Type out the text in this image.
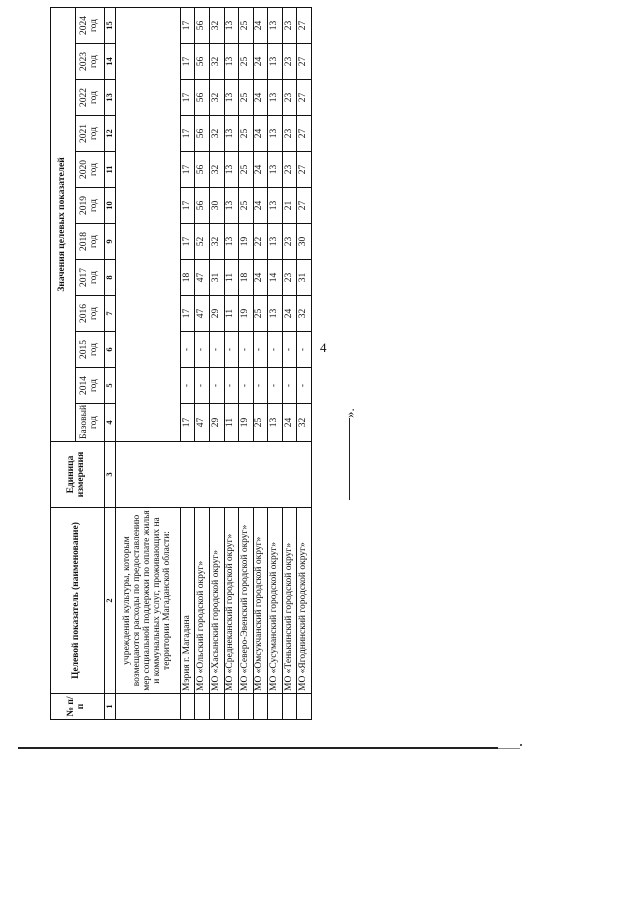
4
№ п/п	Целевой показатель (наименование)	Единица измерения	Значения целевых показателей											
			Базовый год	2014 год	2015 год	2016 год	2017 год	2018 год	2019 год	2020 год	2021 год	2022 год	2023 год	2024 год
1	2	3	4	5	6	7	8	9	10	11	12	13	14	15
	учреждений культуры, которым возмещаются расходы по предоставлению мер социальной поддержки по оплате жилья и коммунальных услуг, проживающих на территории Магаданской области:													
	Мэрия г. Магадана		17	-	-	17	18	17	17	17	17	17	17	17
	МО «Ольский городской округ»		47	-	-	47	47	52	56	56	56	56	56	56
	МО «Хасынский городской округ»		29	-	-	29	31	32	30	32	32	32	32	32
	МО «Среднеканский городской округ»		11	-	-	11	11	13	13	13	13	13	13	13
	МО «Северо-Эвенский городской округ»		19	-	-	19	18	19	25	25	25	25	25	25
	МО «Омсукчанский городской округ»		25	-	-	25	24	22	24	24	24	24	24	24
	МО «Сусуманский городской округ»		13	-	-	13	14	13	13	13	13	13	13	13
	МО «Тенькинский городской округ»		24	-	-	24	23	23	21	23	23	23	23	23
	МО «Ягоднинский городской округ»		32	-	-	32	31	30	27	27	27	27	27	27
».
